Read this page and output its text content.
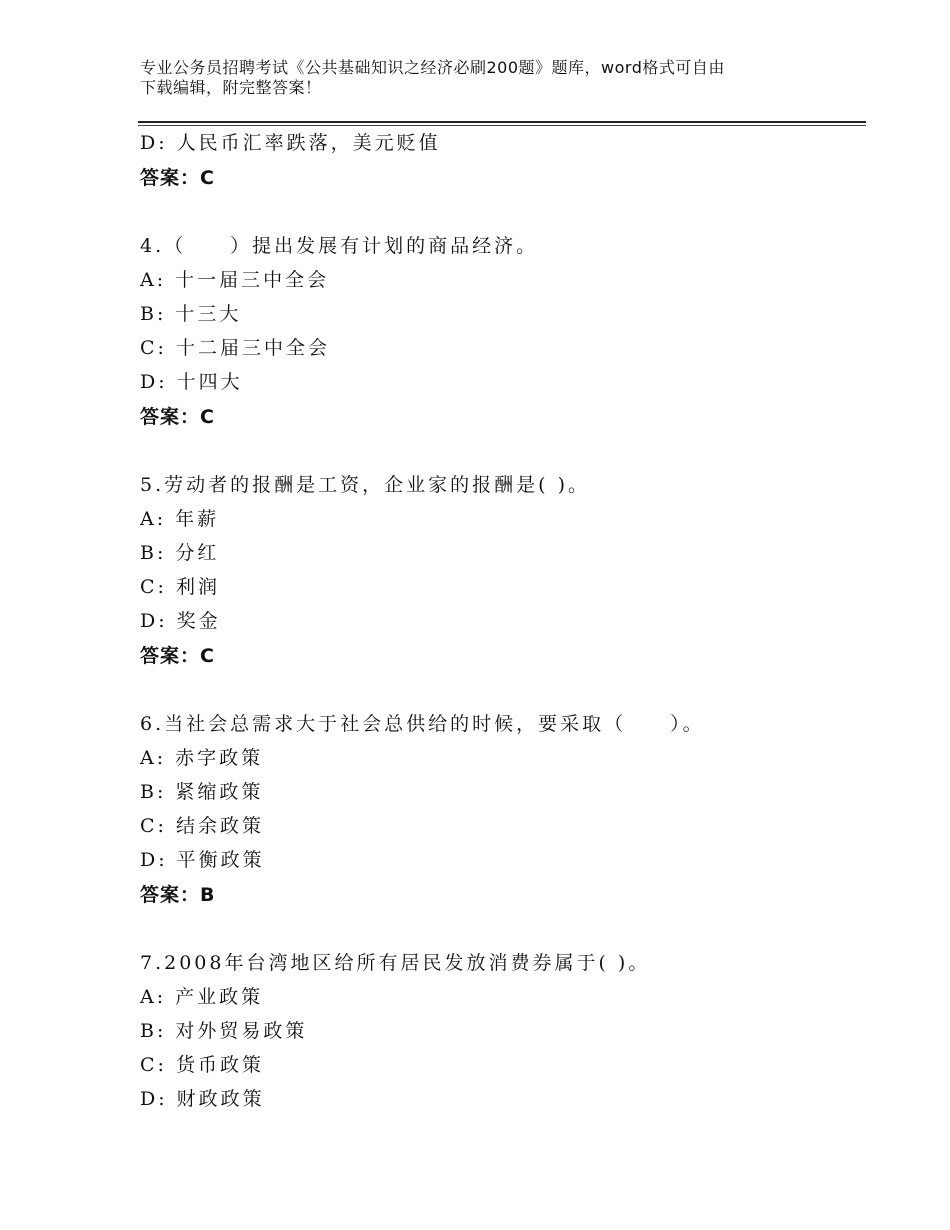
专业公务员招聘考试《公共基础知识之经济必刷200题》题库，word格式可自由
下载编辑，附完整答案！
D: 人民币汇率跌落，美元贬值
答案：C
4.（　　）提出发展有计划的商品经济。
A: 十一届三中全会
B: 十三大
C: 十二届三中全会
D: 十四大
答案：C
5.劳动者的报酬是工资，企业家的报酬是( )。
A: 年薪
B: 分红
C: 利润
D: 奖金
答案：C
6.当社会总需求大于社会总供给的时候，要采取（　　）。
A: 赤字政策
B: 紧缩政策
C: 结余政策
D: 平衡政策
答案：B
7.2008年台湾地区给所有居民发放消费券属于( )。
A: 产业政策
B: 对外贸易政策
C: 货币政策
D: 财政政策
